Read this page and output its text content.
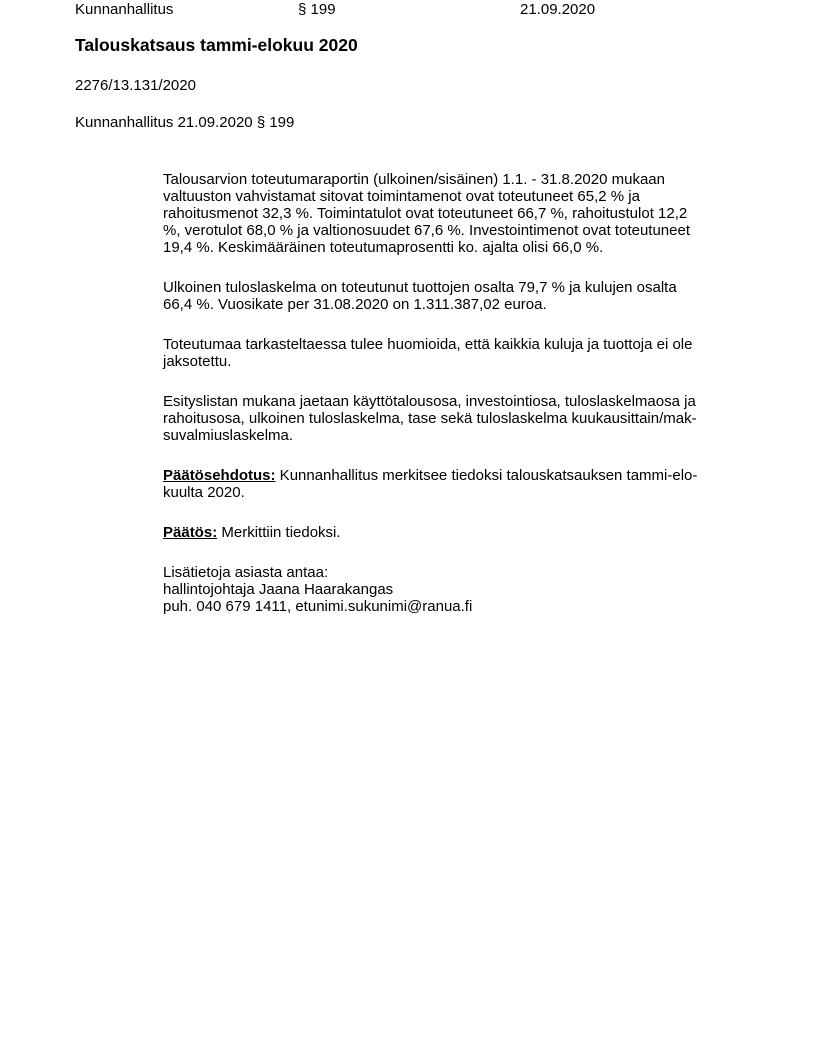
Kunnanhallitus	§ 199	21.09.2020
Talouskatsaus tammi-elokuu 2020
2276/13.131/2020
Kunnanhallitus 21.09.2020 § 199
Talousarvion toteutumaraportin (ulkoinen/sisäinen) 1.1. - 31.8.2020 mukaan
valtuuston vahvistamat sitovat toimintamenot ovat toteutuneet 65,2 % ja
rahoitusmenot 32,3 %. Toimintatulot ovat toteutuneet 66,7 %, rahoitustulot 12,2
%, verotulot 68,0 % ja valtionosuudet 67,6 %. Investointimenot ovat toteutuneet
19,4 %. Keskimääräinen toteutumaprosentti ko. ajalta olisi 66,0 %.
Ulkoinen tuloslaskelma on toteutunut tuottojen osalta 79,7 % ja kulujen osalta
66,4 %. Vuosikate per 31.08.2020 on 1.311.387,02 euroa.
Toteutumaa tarkasteltaessa tulee huomioida, että kaikkia kuluja ja tuottoja ei ole
jaksotettu.
Esityslistan mukana jaetaan käyttötalousosa, investointiosa, tuloslaskelmaosa ja
rahoitusosa, ulkoinen tuloslaskelma, tase sekä tuloslaskelma kuukausittain/mak-
suvalmiuslaskelma.
Päätösehdotus: Kunnanhallitus merkitsee tiedoksi talouskatsauksen tammi-elo-
kuulta 2020.
Päätös: Merkittiin tiedoksi.
Lisätietoja asiasta antaa:
hallintojohtaja Jaana Haarakangas
puh. 040 679 1411, etunimi.sukunimi@ranua.fi
